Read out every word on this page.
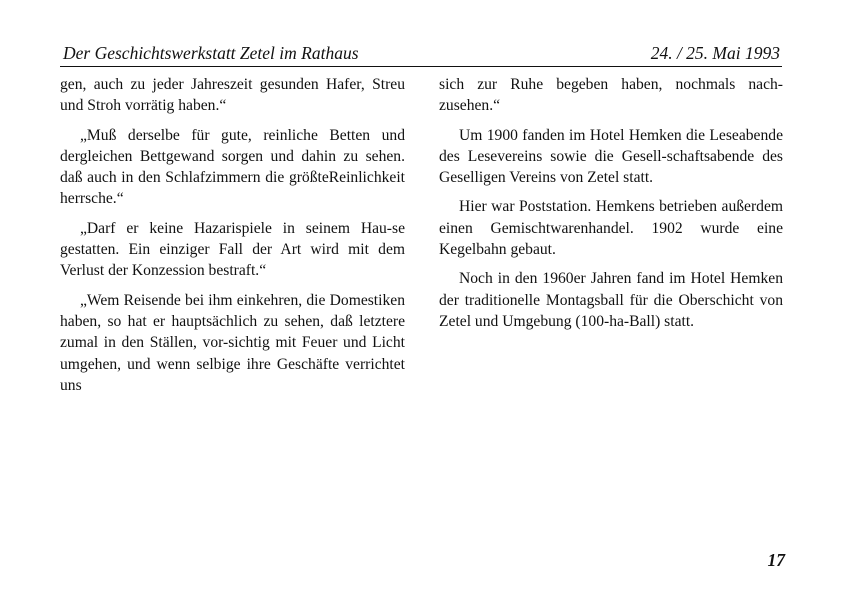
Der Geschichtswerkstatt Zetel im Rathaus	24. / 25. Mai 1993

gen, auch zu jeder Jahreszeit gesunden Hafer, Streu und Stroh vorrätig haben.“

„Muß derselbe für gute, reinliche Betten und dergleichen Bettgewand sorgen und dahin zu sehen. daß auch in den Schlafzimmern die größteReinlichkeit herrsche.“

„Darf er keine Hazarispiele in seinem Hau-se gestatten. Ein einziger Fall der Art wird mit dem Verlust der Konzession bestraft.“

„Wem Reisende bei ihm einkehren, die Domestiken haben, so hat er hauptsächlich zu sehen, daß letztere zumal in den Ställen, vor-sichtig mit Feuer und Licht umgehen, und wenn selbige ihre Geschäfte verrichtet uns

sich zur Ruhe begeben haben, nochmals nach-zusehen.“

Um 1900 fanden im Hotel Hemken die Leseabende des Lesevereins sowie die Gesell-schaftsabende des Geselligen Vereins von Zetel statt.

Hier war Poststation. Hemkens betrieben außerdem einen Gemischtwarenhandel. 1902 wurde eine Kegelbahn gebaut.

Noch in den 1960er Jahren fand im Hotel Hemken der traditionelle Montagsball für die Oberschicht von Zetel und Umgebung (100-ha-Ball) statt.

17
